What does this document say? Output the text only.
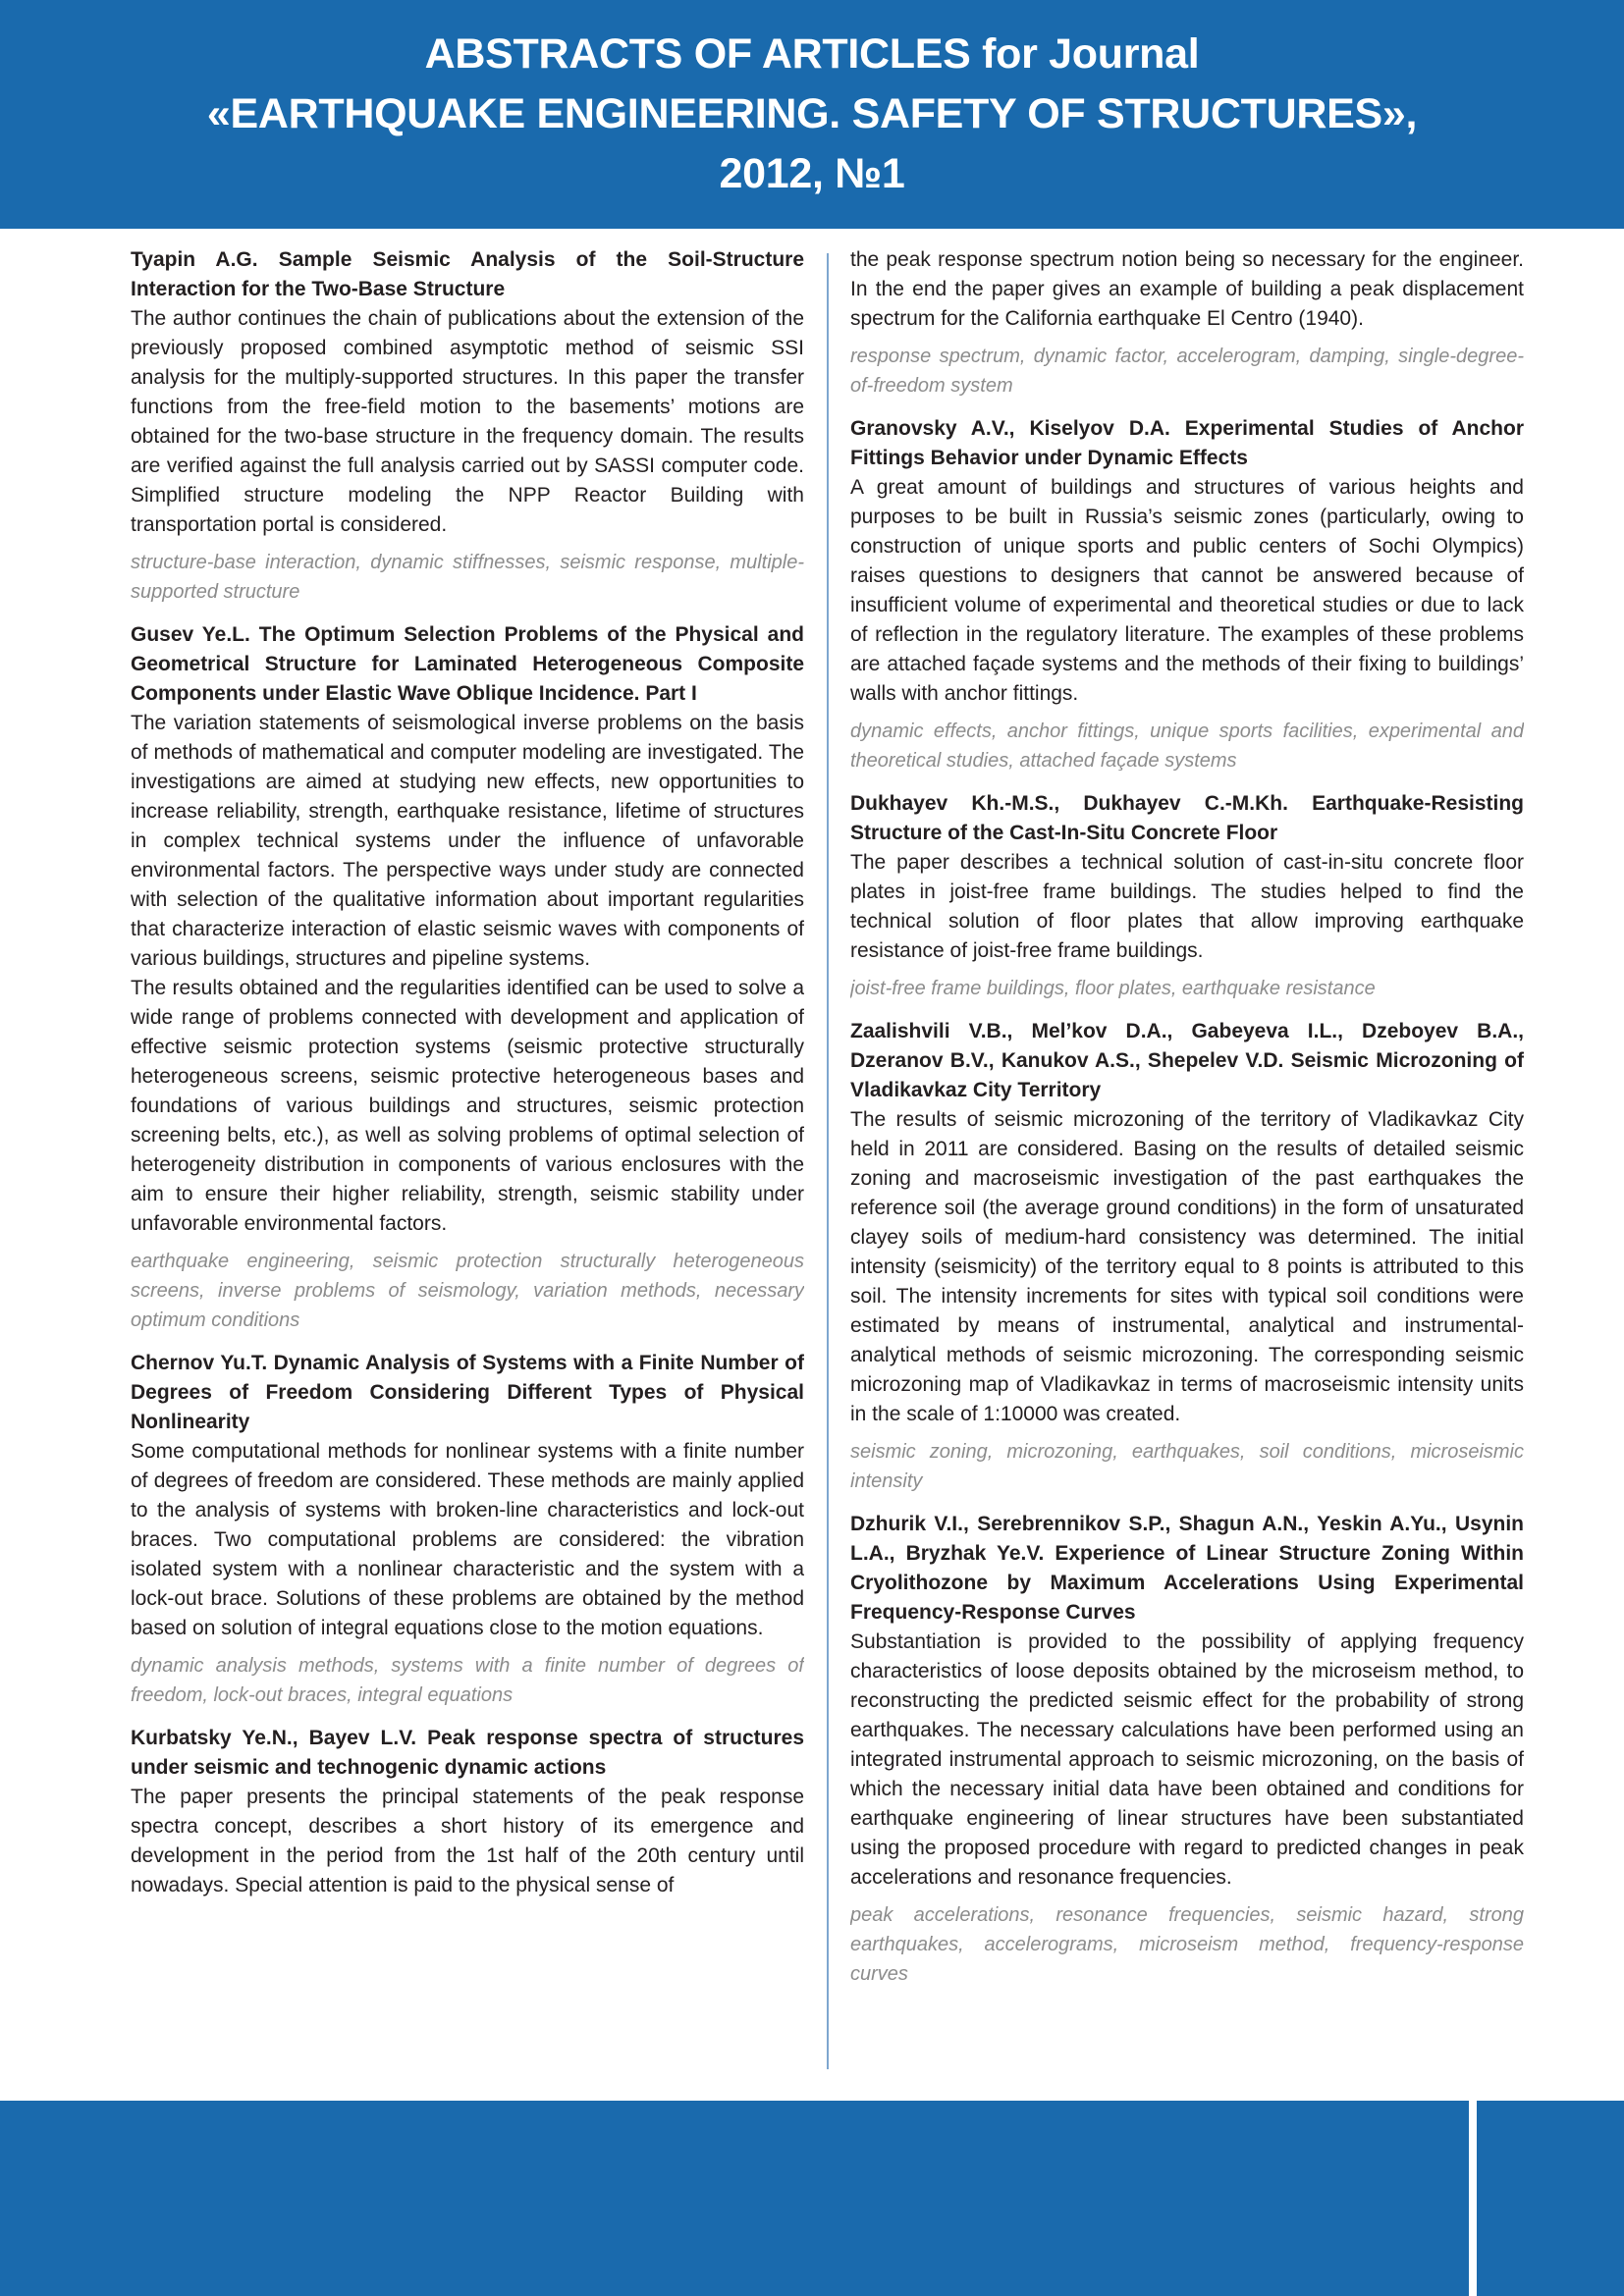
ABSTRACTS OF ARTICLES for Journal
«EARTHQUAKE ENGINEERING. SAFETY OF STRUCTURES»,
2012, №1

Tyapin A.G. Sample Seismic Analysis of the Soil-Structure Interaction for the Two-Base Structure

The author continues the chain of publications about the extension of the previously proposed combined asymptotic method of seismic SSI analysis for the multiply-supported structures. In this paper the transfer functions from the free-field motion to the basements’ motions are obtained for the two-base structure in the frequency domain. The results are verified against the full analysis carried out by SASSI computer code. Simplified structure modeling the NPP Reactor Building with transportation portal is considered.

structure-base interaction, dynamic stiffnesses, seismic response, multiple-supported structure

Gusev Ye.L. The Optimum Selection Problems of the Physical and Geometrical Structure for Laminated Heterogeneous Composite Components under Elastic Wave Oblique Incidence. Part I

The variation statements of seismological inverse problems on the basis of methods of mathematical and computer modeling are investigated. The investigations are aimed at studying new effects, new opportunities to increase reliability, strength, earthquake resistance, lifetime of structures in complex technical systems under the influence of unfavorable environmental factors. The perspective ways under study are connected with selection of the qualitative information about important regularities that characterize interaction of elastic seismic waves with components of various buildings, structures and pipeline systems.

The results obtained and the regularities identified can be used to solve a wide range of problems connected with development and application of effective seismic protection systems (seismic protective structurally heterogeneous screens, seismic protective heterogeneous bases and foundations of various buildings and structures, seismic protection screening belts, etc.), as well as solving problems of optimal selection of heterogeneity distribution in components of various enclosures with the aim to ensure their higher reliability, strength, seismic stability under unfavorable environmental factors.

earthquake engineering, seismic protection structurally heterogeneous screens, inverse problems of seismology, variation methods, necessary optimum conditions

Chernov Yu.T. Dynamic Analysis of Systems with a Finite Number of Degrees of Freedom Considering Different Types of Physical Nonlinearity

Some computational methods for nonlinear systems with a finite number of degrees of freedom are considered. These methods are mainly applied to the analysis of systems with broken-line characteristics and lock-out braces. Two computational problems are considered: the vibration isolated system with a nonlinear characteristic and the system with a lock-out brace. Solutions of these problems are obtained by the method based on solution of integral equations close to the motion equations.

dynamic analysis methods, systems with a finite number of degrees of freedom, lock-out braces, integral equations

Kurbatsky Ye.N., Bayev L.V. Peak response spectra of structures under seismic and technogenic dynamic actions

The paper presents the principal statements of the peak response spectra concept, describes a short history of its emergence and development in the period from the 1st half of the 20th century until nowadays. Special attention is paid to the physical sense of

the peak response spectrum notion being so necessary for the engineer. In the end the paper gives an example of building a peak displacement spectrum for the California earthquake El Centro (1940).

response spectrum, dynamic factor, accelerogram, damping, single-degree-of-freedom system

Granovsky A.V., Kiselyov D.A. Experimental Studies of Anchor Fittings Behavior under Dynamic Effects

A great amount of buildings and structures of various heights and purposes to be built in Russia’s seismic zones (particularly, owing to construction of unique sports and public centers of Sochi Olympics) raises questions to designers that cannot be answered because of insufficient volume of experimental and theoretical studies or due to lack of reflection in the regulatory literature. The examples of these problems are attached façade systems and the methods of their fixing to buildings’ walls with anchor fittings.

dynamic effects, anchor fittings, unique sports facilities, experimental and theoretical studies, attached façade systems

Dukhayev Kh.-M.S., Dukhayev C.-M.Kh. Earthquake-Resisting Structure of the Cast-In-Situ Concrete Floor

The paper describes a technical solution of cast-in-situ concrete floor plates in joist-free frame buildings. The studies helped to find the technical solution of floor plates that allow improving earthquake resistance of joist-free frame buildings.

joist-free frame buildings, floor plates, earthquake resistance

Zaalishvili V.B., Mel’kov D.A., Gabeyeva I.L., Dzeboyev B.A., Dzeranov B.V., Kanukov A.S., Shepelev V.D. Seismic Microzoning of Vladikavkaz City Territory

The results of seismic microzoning of the territory of Vladikavkaz City held in 2011 are considered. Basing on the results of detailed seismic zoning and macroseismic investigation of the past earthquakes the reference soil (the average ground conditions) in the form of unsaturated clayey soils of medium-hard consistency was determined. The initial intensity (seismicity) of the territory equal to 8 points is attributed to this soil. The intensity increments for sites with typical soil conditions were estimated by means of instrumental, analytical and instrumental-analytical methods of seismic microzoning. The corresponding seismic microzoning map of Vladikavkaz in terms of macroseismic intensity units in the scale of 1:10000 was created.

seismic zoning, microzoning, earthquakes, soil conditions, microseismic intensity

Dzhurik V.I., Serebrennikov S.P., Shagun A.N., Yeskin A.Yu., Usynin L.A., Bryzhak Ye.V. Experience of Linear Structure Zoning Within Cryolithozone by Maximum Accelerations Using Experimental Frequency-Response Curves

Substantiation is provided to the possibility of applying frequency characteristics of loose deposits obtained by the microseism method, to reconstructing the predicted seismic effect for the probability of strong earthquakes. The necessary calculations have been performed using an integrated instrumental approach to seismic microzoning, on the basis of which the necessary initial data have been obtained and conditions for earthquake engineering of linear structures have been substantiated using the proposed procedure with regard to predicted changes in peak accelerations and resonance frequencies.

peak accelerations, resonance frequencies, seismic hazard, strong earthquakes, accelerograms, microseism method, frequency-response curves
